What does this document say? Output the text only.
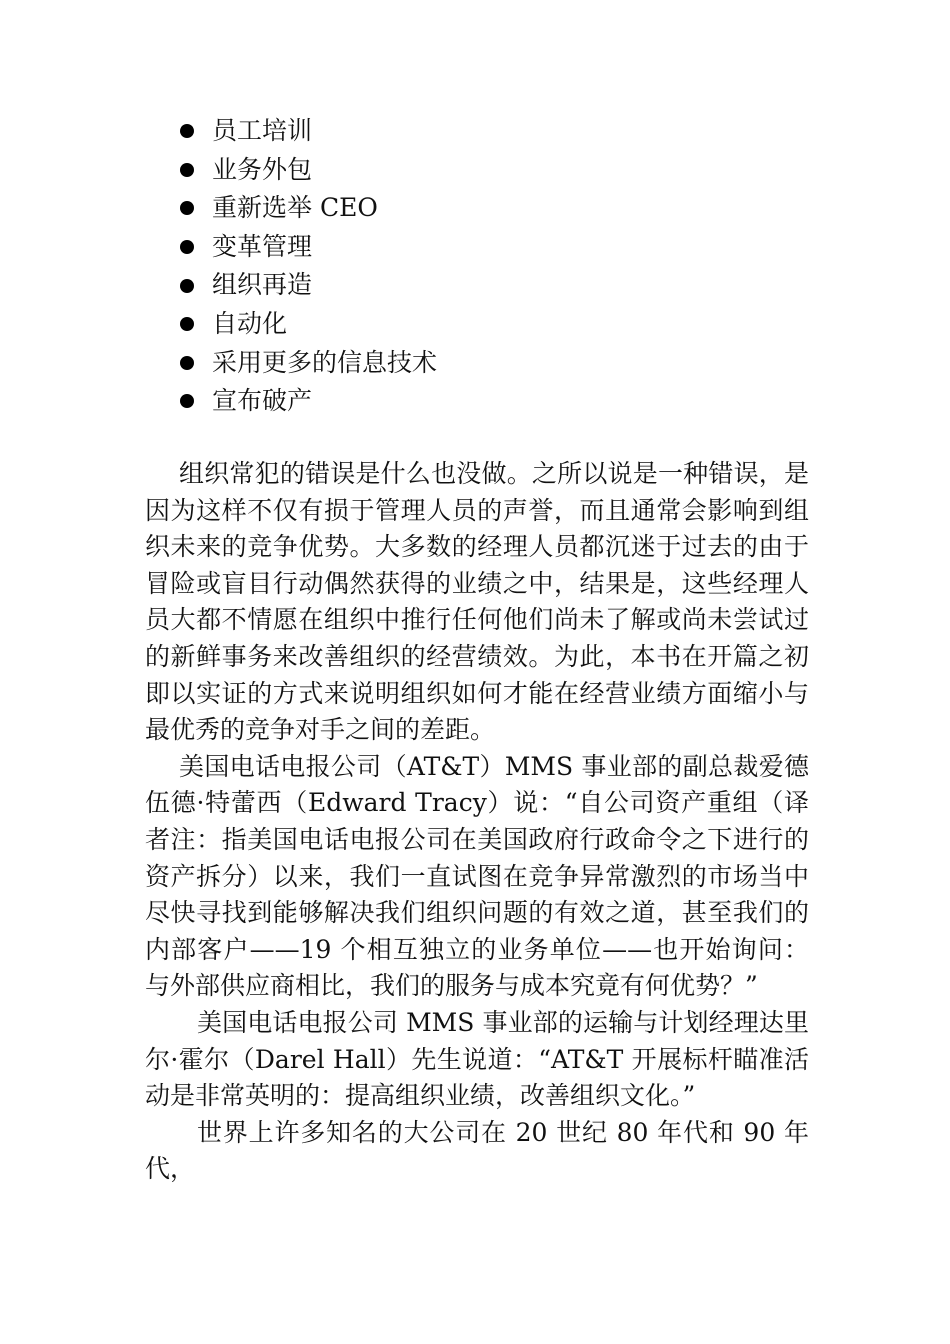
员工培训
业务外包
重新选举 CEO
变革管理
组织再造
自动化
采用更多的信息技术
宣布破产

组织常犯的错误是什么也没做。之所以说是一种错误，是因为这样不仅有损于管理人员的声誉，而且通常会影响到组织未来的竞争优势。大多数的经理人员都沉迷于过去的由于冒险或盲目行动偶然获得的业绩之中，结果是，这些经理人员大都不情愿在组织中推行任何他们尚未了解或尚未尝试过的新鲜事务来改善组织的经营绩效。为此，本书在开篇之初即以实证的方式来说明组织如何才能在经营业绩方面缩小与最优秀的竞争对手之间的差距。

美国电话电报公司（AT&T）MMS 事业部的副总裁爱德伍德·特蕾西（Edward Tracy）说：“自公司资产重组（译者注：指美国电话电报公司在美国政府行政命令之下进行的资产拆分）以来，我们一直试图在竞争异常激烈的市场当中尽快寻找到能够解决我们组织问题的有效之道，甚至我们的内部客户——19 个相互独立的业务单位——也开始询问：与外部供应商相比，我们的服务与成本究竟有何优势？”

美国电话电报公司 MMS 事业部的运输与计划经理达里尔·霍尔（Darel Hall）先生说道：“AT&T 开展标杆瞄准活动是非常英明的：提高组织业绩，改善组织文化。”

世界上许多知名的大公司在 20 世纪 80 年代和 90 年代，
